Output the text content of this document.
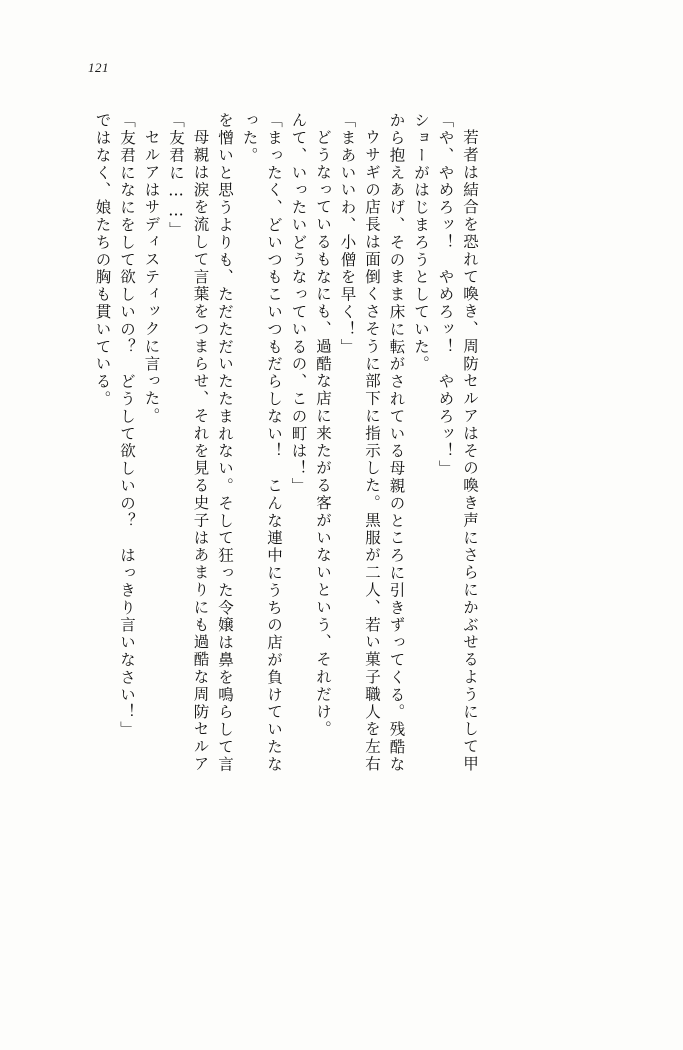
121
ではなく、娘たちの胸も貫いている。 「友君になにをして欲しいの？　どうして欲しいの？　はっきり言いなさい！」 セルアはサディスティックに言った。 「友君に……」 母親は涙を流して言葉をつまらせ、それを見る史子はあまりにも過酷な周防セルア を憎いと思うよりも、ただただいたたまれない。そして狂った令嬢は鼻を鳴らして言 った。 「まったく、どいつもこいつもだらしない！　こんな連中にうちの店が負けていたな んて、いったいどうなっているの、この町は！」 どうなっているもなにも、過酷な店に来たがる客がいないという、それだけ。 「まあいいわ、小僧を早く！」 ウサギの店長は面倒くさそうに部下に指示した。黒服が二人、若い菓子職人を左右 から抱えあげ、そのまま床に転がされている母親のところに引きずってくる。残酷な ショーがはじまろうとしていた。 「や、やめろッ！　やめろッ！　やめろッ！」 若者は結合を恐れて喚き、周防セルアはその喚き声にさらにかぶせるようにして甲
